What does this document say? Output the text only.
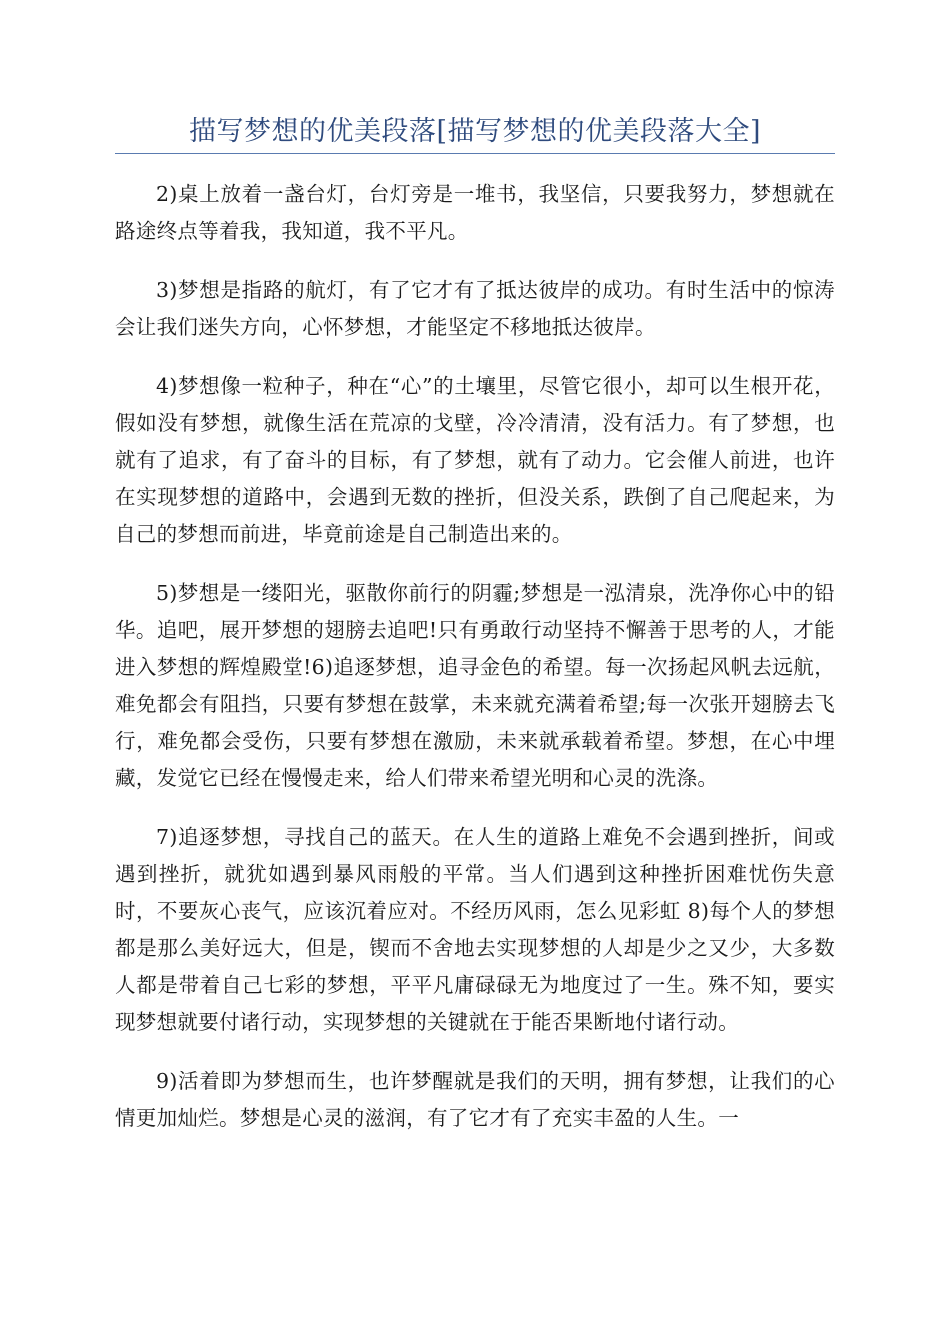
描写梦想的优美段落[描写梦想的优美段落大全]

2)桌上放着一盏台灯，台灯旁是一堆书，我坚信，只要我努力，梦想就在路途终点等着我，我知道，我不平凡。

3)梦想是指路的航灯，有了它才有了抵达彼岸的成功。有时生活中的惊涛会让我们迷失方向，心怀梦想，才能坚定不移地抵达彼岸。

4)梦想像一粒种子，种在“心”的土壤里，尽管它很小，却可以生根开花，假如没有梦想，就像生活在荒凉的戈壁，冷冷清清，没有活力。有了梦想，也就有了追求，有了奋斗的目标，有了梦想，就有了动力。它会催人前进，也许在实现梦想的道路中，会遇到无数的挫折，但没关系，跌倒了自己爬起来，为自己的梦想而前进，毕竟前途是自己制造出来的。

5)梦想是一缕阳光，驱散你前行的阴霾;梦想是一泓清泉，洗净你心中的铅华。追吧，展开梦想的翅膀去追吧!只有勇敢行动坚持不懈善于思考的人，才能进入梦想的辉煌殿堂!6)追逐梦想，追寻金色的希望。每一次扬起风帆去远航，难免都会有阻挡，只要有梦想在鼓掌，未来就充满着希望;每一次张开翅膀去飞行，难免都会受伤，只要有梦想在激励，未来就承载着希望。梦想，在心中埋藏，发觉它已经在慢慢走来，给人们带来希望光明和心灵的洗涤。

7)追逐梦想，寻找自己的蓝天。在人生的道路上难免不会遇到挫折，间或遇到挫折，就犹如遇到暴风雨般的平常。当人们遇到这种挫折困难忧伤失意时，不要灰心丧气，应该沉着应对。不经历风雨，怎么见彩虹 8)每个人的梦想都是那么美好远大，但是，锲而不舍地去实现梦想的人却是少之又少，大多数人都是带着自己七彩的梦想，平平凡庸碌碌无为地度过了一生。殊不知，要实现梦想就要付诸行动，实现梦想的关键就在于能否果断地付诸行动。

9)活着即为梦想而生，也许梦醒就是我们的天明，拥有梦想，让我们的心情更加灿烂。梦想是心灵的滋润，有了它才有了充实丰盈的人生。一
